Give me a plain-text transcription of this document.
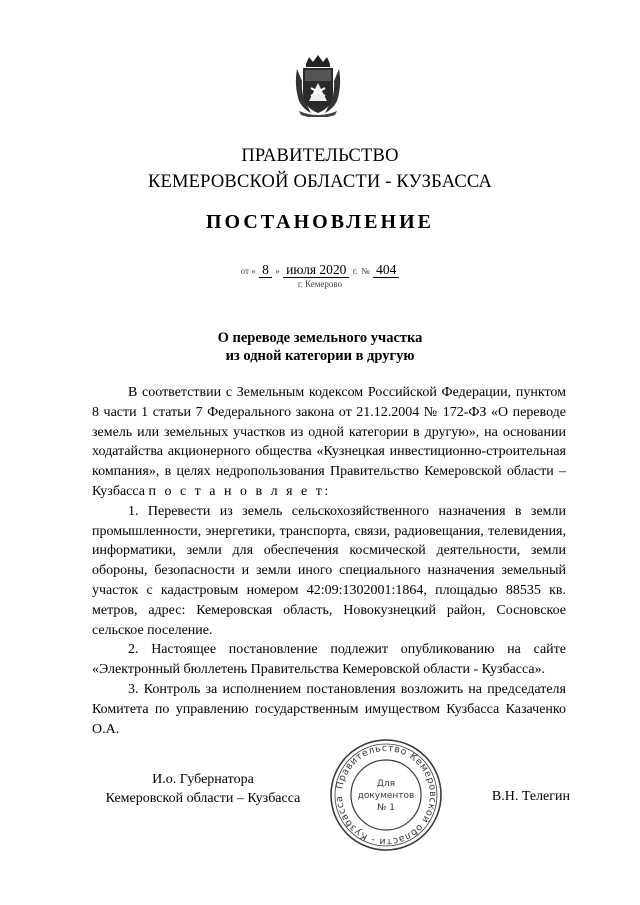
ПРАВИТЕЛЬСТВО
КЕМЕРОВСКОЙ ОБЛАСТИ - КУЗБАССА
ПОСТАНОВЛЕНИЕ
от « 8 » июля 2020 г. № 404
г. Кемерово
О переводе земельного участка
из одной категории в другую

В соответствии с Земельным кодексом Российской Федерации, пунктом 8 части 1 статьи 7 Федерального закона от 21.12.2004 № 172-ФЗ «О переводе земель или земельных участков из одной категории в другую», на основании ходатайства акционерного общества «Кузнецкая инвестиционно-строительная компания», в целях недропользования Правительство Кемеровской области – Кузбасса п о с т а н о в л я е т:

1. Перевести из земель сельскохозяйственного назначения в земли промышленности, энергетики, транспорта, связи, радиовещания, телевидения, информатики, земли для обеспечения космической деятельности, земли обороны, безопасности и земли иного специального назначения земельный участок с кадастровым номером 42:09:1302001:1864, площадью 88535 кв. метров, адрес: Кемеровская область, Новокузнецкий район, Сосновское сельское поселение.

2. Настоящее постановление подлежит опубликованию на сайте «Электронный бюллетень Правительства Кемеровской области - Кузбасса».

3. Контроль за исполнением постановления возложить на председателя Комитета по управлению государственным имуществом Кузбасса Казаченко О.А.

И.о. Губернатора
Кемеровской области – Кузбасса
Правительство Кемеровской области - Кузбасса
Для
документов
№ 1
В.Н. Телегин
